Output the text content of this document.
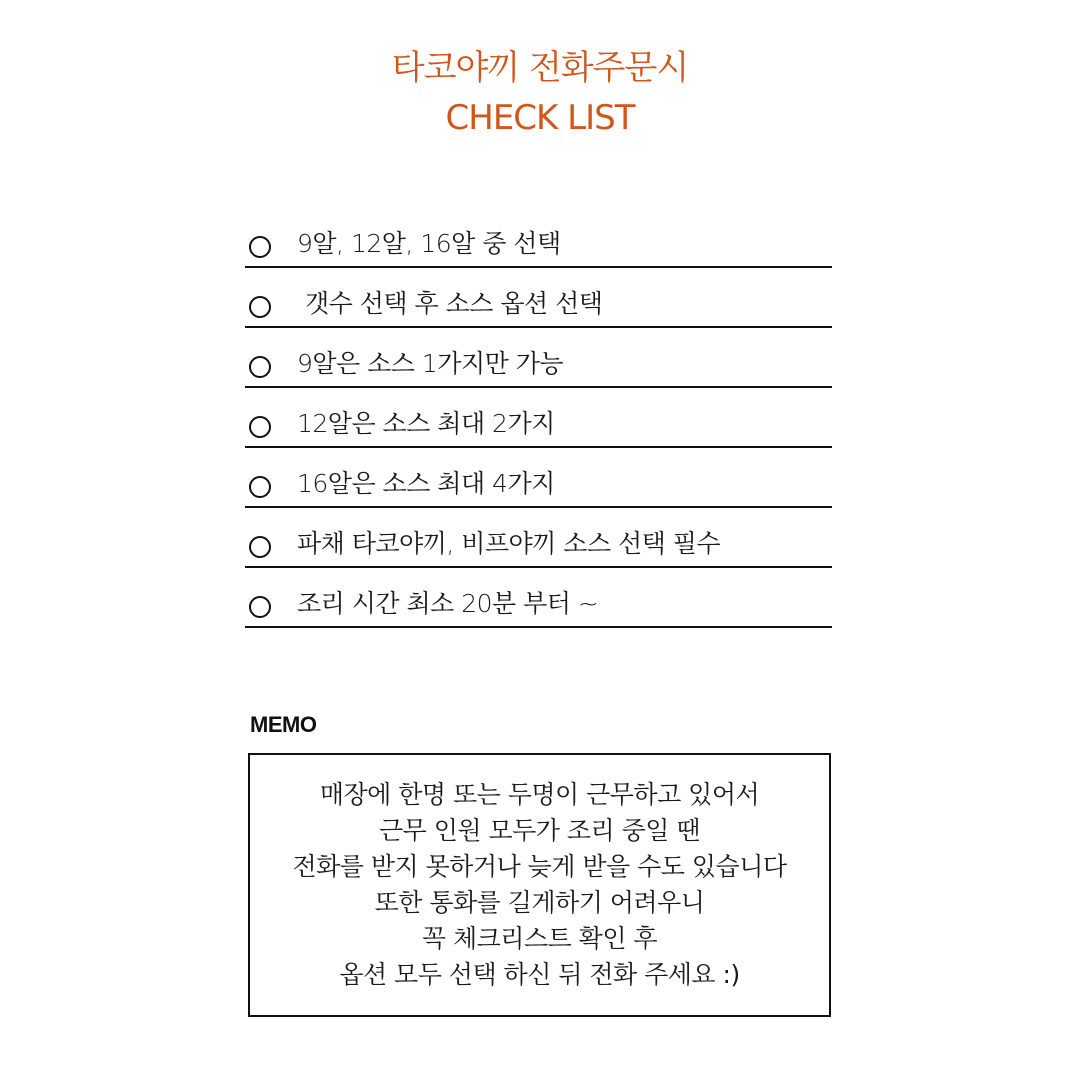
타코야끼 전화주문시
CHECK LIST
9알, 12알, 16알 중 선택
갯수 선택 후 소스 옵션 선택
9알은 소스 1가지만 가능
12알은 소스 최대 2가지
16알은 소스 최대 4가지
파채 타코야끼, 비프야끼 소스 선택 필수
조리 시간 최소 20분 부터 ~
MEMO
매장에 한명 또는 두명이 근무하고 있어서
근무 인원 모두가 조리 중일 땐
전화를 받지 못하거나 늦게 받을 수도 있습니다
또한 통화를 길게하기 어려우니
꼭 체크리스트 확인 후
옵션 모두 선택 하신 뒤 전화 주세요 :)
